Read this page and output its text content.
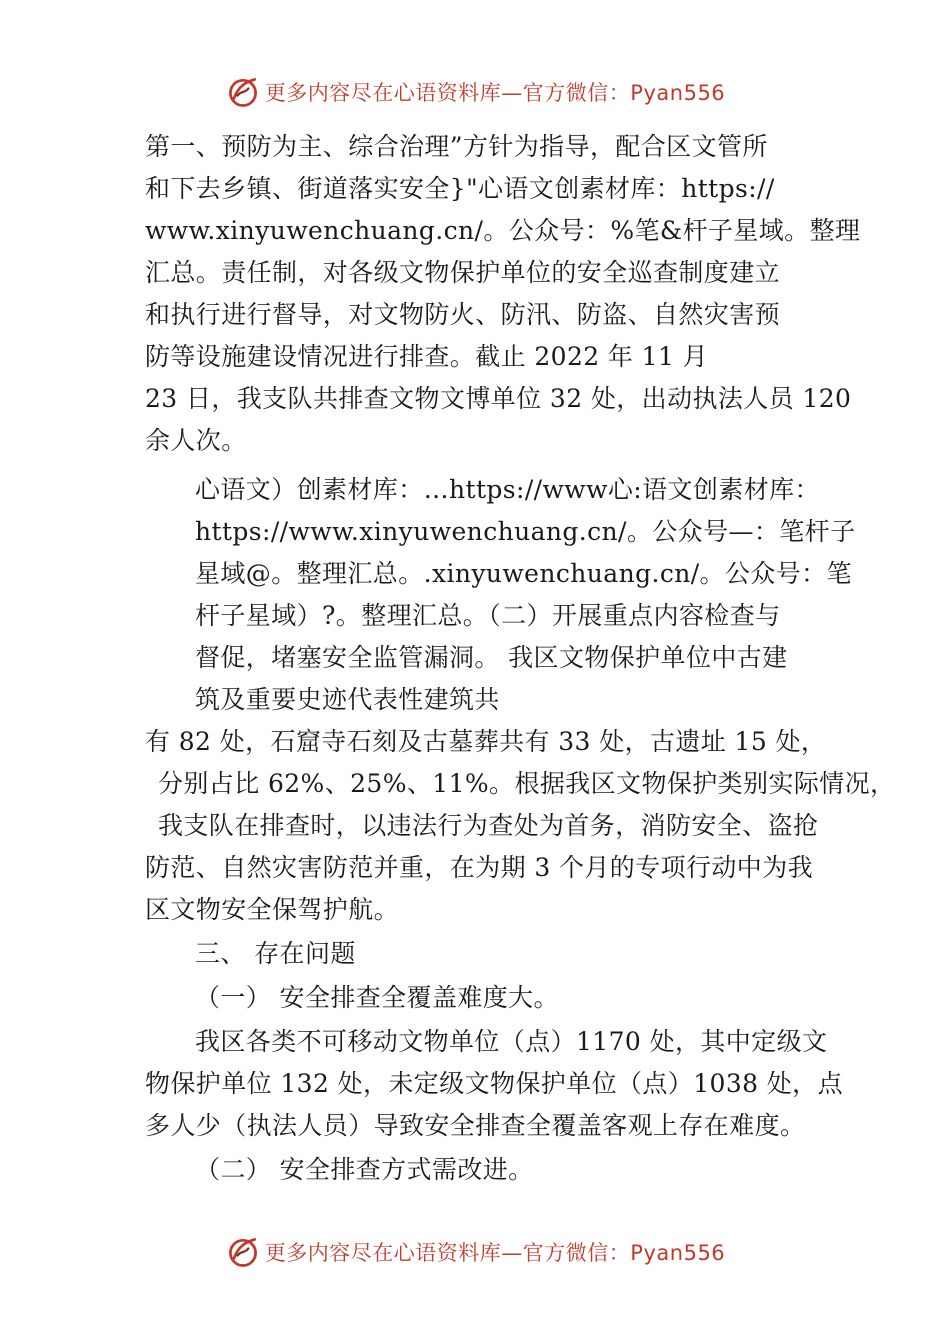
更多内容尽在心语资料库—官方微信：Pyan556
第一、预防为主、综合治理”方针为指导，配合区文管所
和下去乡镇、街道落实安全}"心语文创素材库：https://
www.xinyuwenchuang.cn/。公众号：%笔&杆子星域。整理
汇总。责任制，对各级文物保护单位的安全巡查制度建立
和执行进行督导，对文物防火、防汛、防盗、自然灾害预
防等设施建设情况进行排查。截止 2022 年 11 月
23 日，我支队共排查文物文博单位 32 处，出动执法人员 120
余人次。
心语文）创素材库：…https://www心:语文创素材库：
https://www.xinyuwenchuang.cn/。公众号—：笔杆子
星域@。整理汇总。.xinyuwenchuang.cn/。公众号：笔
杆子星域）?。整理汇总。（二）开展重点内容检查与
督促，堵塞安全监管漏洞。 我区文物保护单位中古建
筑及重要史迹代表性建筑共
有 82 处，石窟寺石刻及古墓葬共有 33 处，古遗址 15 处，
分别占比 62%、25%、11%。根据我区文物保护类别实际情况，
我支队在排查时，以违法行为查处为首务，消防安全、盗抢
防范、自然灾害防范并重，在为期 3 个月的专项行动中为我
区文物安全保驾护航。
三、 存在问题
（一） 安全排查全覆盖难度大。
我区各类不可移动文物单位（点）1170 处，其中定级文
物保护单位 132 处，未定级文物保护单位（点）1038 处，点
多人少（执法人员）导致安全排查全覆盖客观上存在难度。
（二） 安全排查方式需改进。
更多内容尽在心语资料库—官方微信：Pyan556
